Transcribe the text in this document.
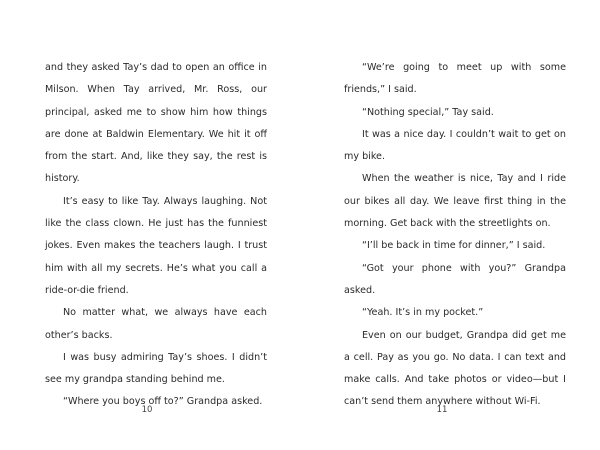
and they asked Tay’s dad to open an office in Milson. When Tay arrived, Mr. Ross, our principal, asked me to show him how things are done at Baldwin Elementary. We hit it off from the start. And, like they say, the rest is history.

It’s easy to like Tay. Always laughing. Not like the class clown. He just has the funniest jokes. Even makes the teachers laugh. I trust him with all my secrets. He’s what you call a ride-or-die friend.

No matter what, we always have each other’s backs.

I was busy admiring Tay’s shoes. I didn’t see my grandpa standing behind me.

“Where you boys off to?” Grandpa asked.

10

“We’re going to meet up with some friends,” I said.

“Nothing special,” Tay said.

It was a nice day. I couldn’t wait to get on my bike.

When the weather is nice, Tay and I ride our bikes all day. We leave first thing in the morning. Get back with the streetlights on.

“I’ll be back in time for dinner,” I said.

“Got your phone with you?” Grandpa asked.

“Yeah. It’s in my pocket.”

Even on our budget, Grandpa did get me a cell. Pay as you go. No data. I can text and make calls. And take photos or video—but I can’t send them anywhere without Wi-Fi.

11
